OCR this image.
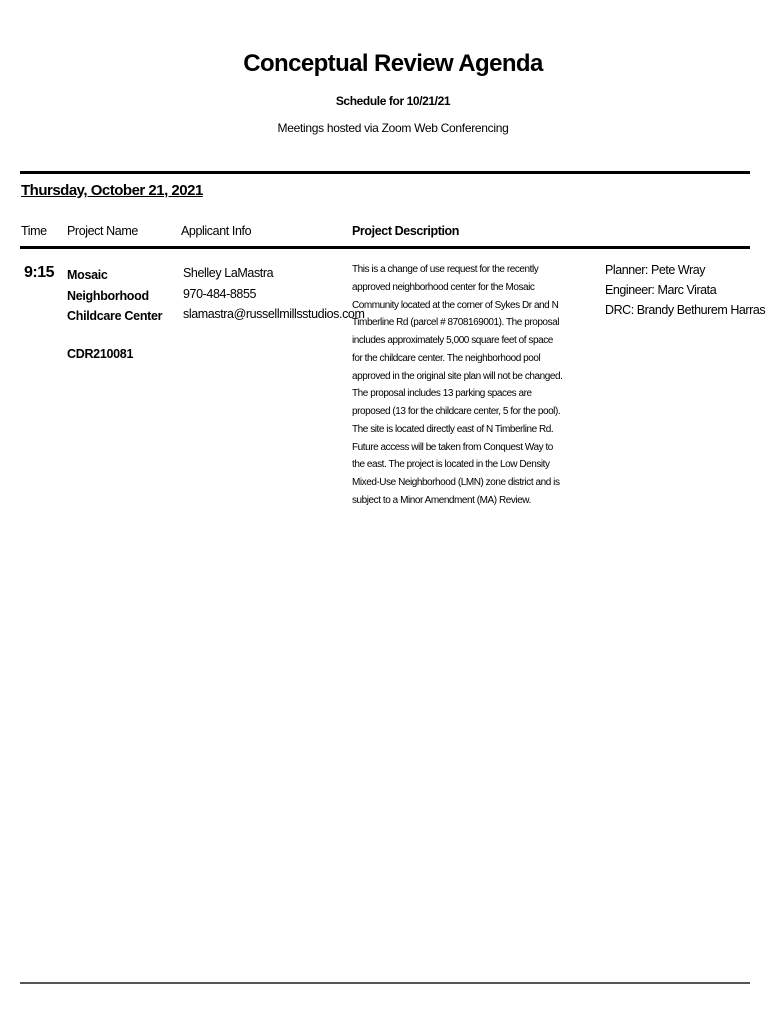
Conceptual Review Agenda
Schedule for 10/21/21
Meetings hosted via Zoom Web Conferencing
Thursday, October 21, 2021
Time Project Name	Applicant Info	Project Description
9:15 Mosaic
Neighborhood
Childcare Center
CDR210081
Shelley LaMastra
970-484-8855
slamastra@russellmillsstudios.com
This is a change of use request for the recently approved neighborhood center for the Mosaic Community located at the corner of Sykes Dr and N Timberline Rd (parcel # 8708169001). The proposal includes approximately 5,000 square feet of space for the childcare center. The neighborhood pool approved in the original site plan will not be changed. The proposal includes 13 parking spaces are proposed (13 for the childcare center, 5 for the pool). The site is located directly east of N Timberline Rd. Future access will be taken from Conquest Way to the east. The project is located in the Low Density Mixed-Use Neighborhood (LMN) zone district and is subject to a Minor Amendment (MA) Review.
Planner: Pete Wray
Engineer: Marc Virata
DRC: Brandy Bethurem Harras
